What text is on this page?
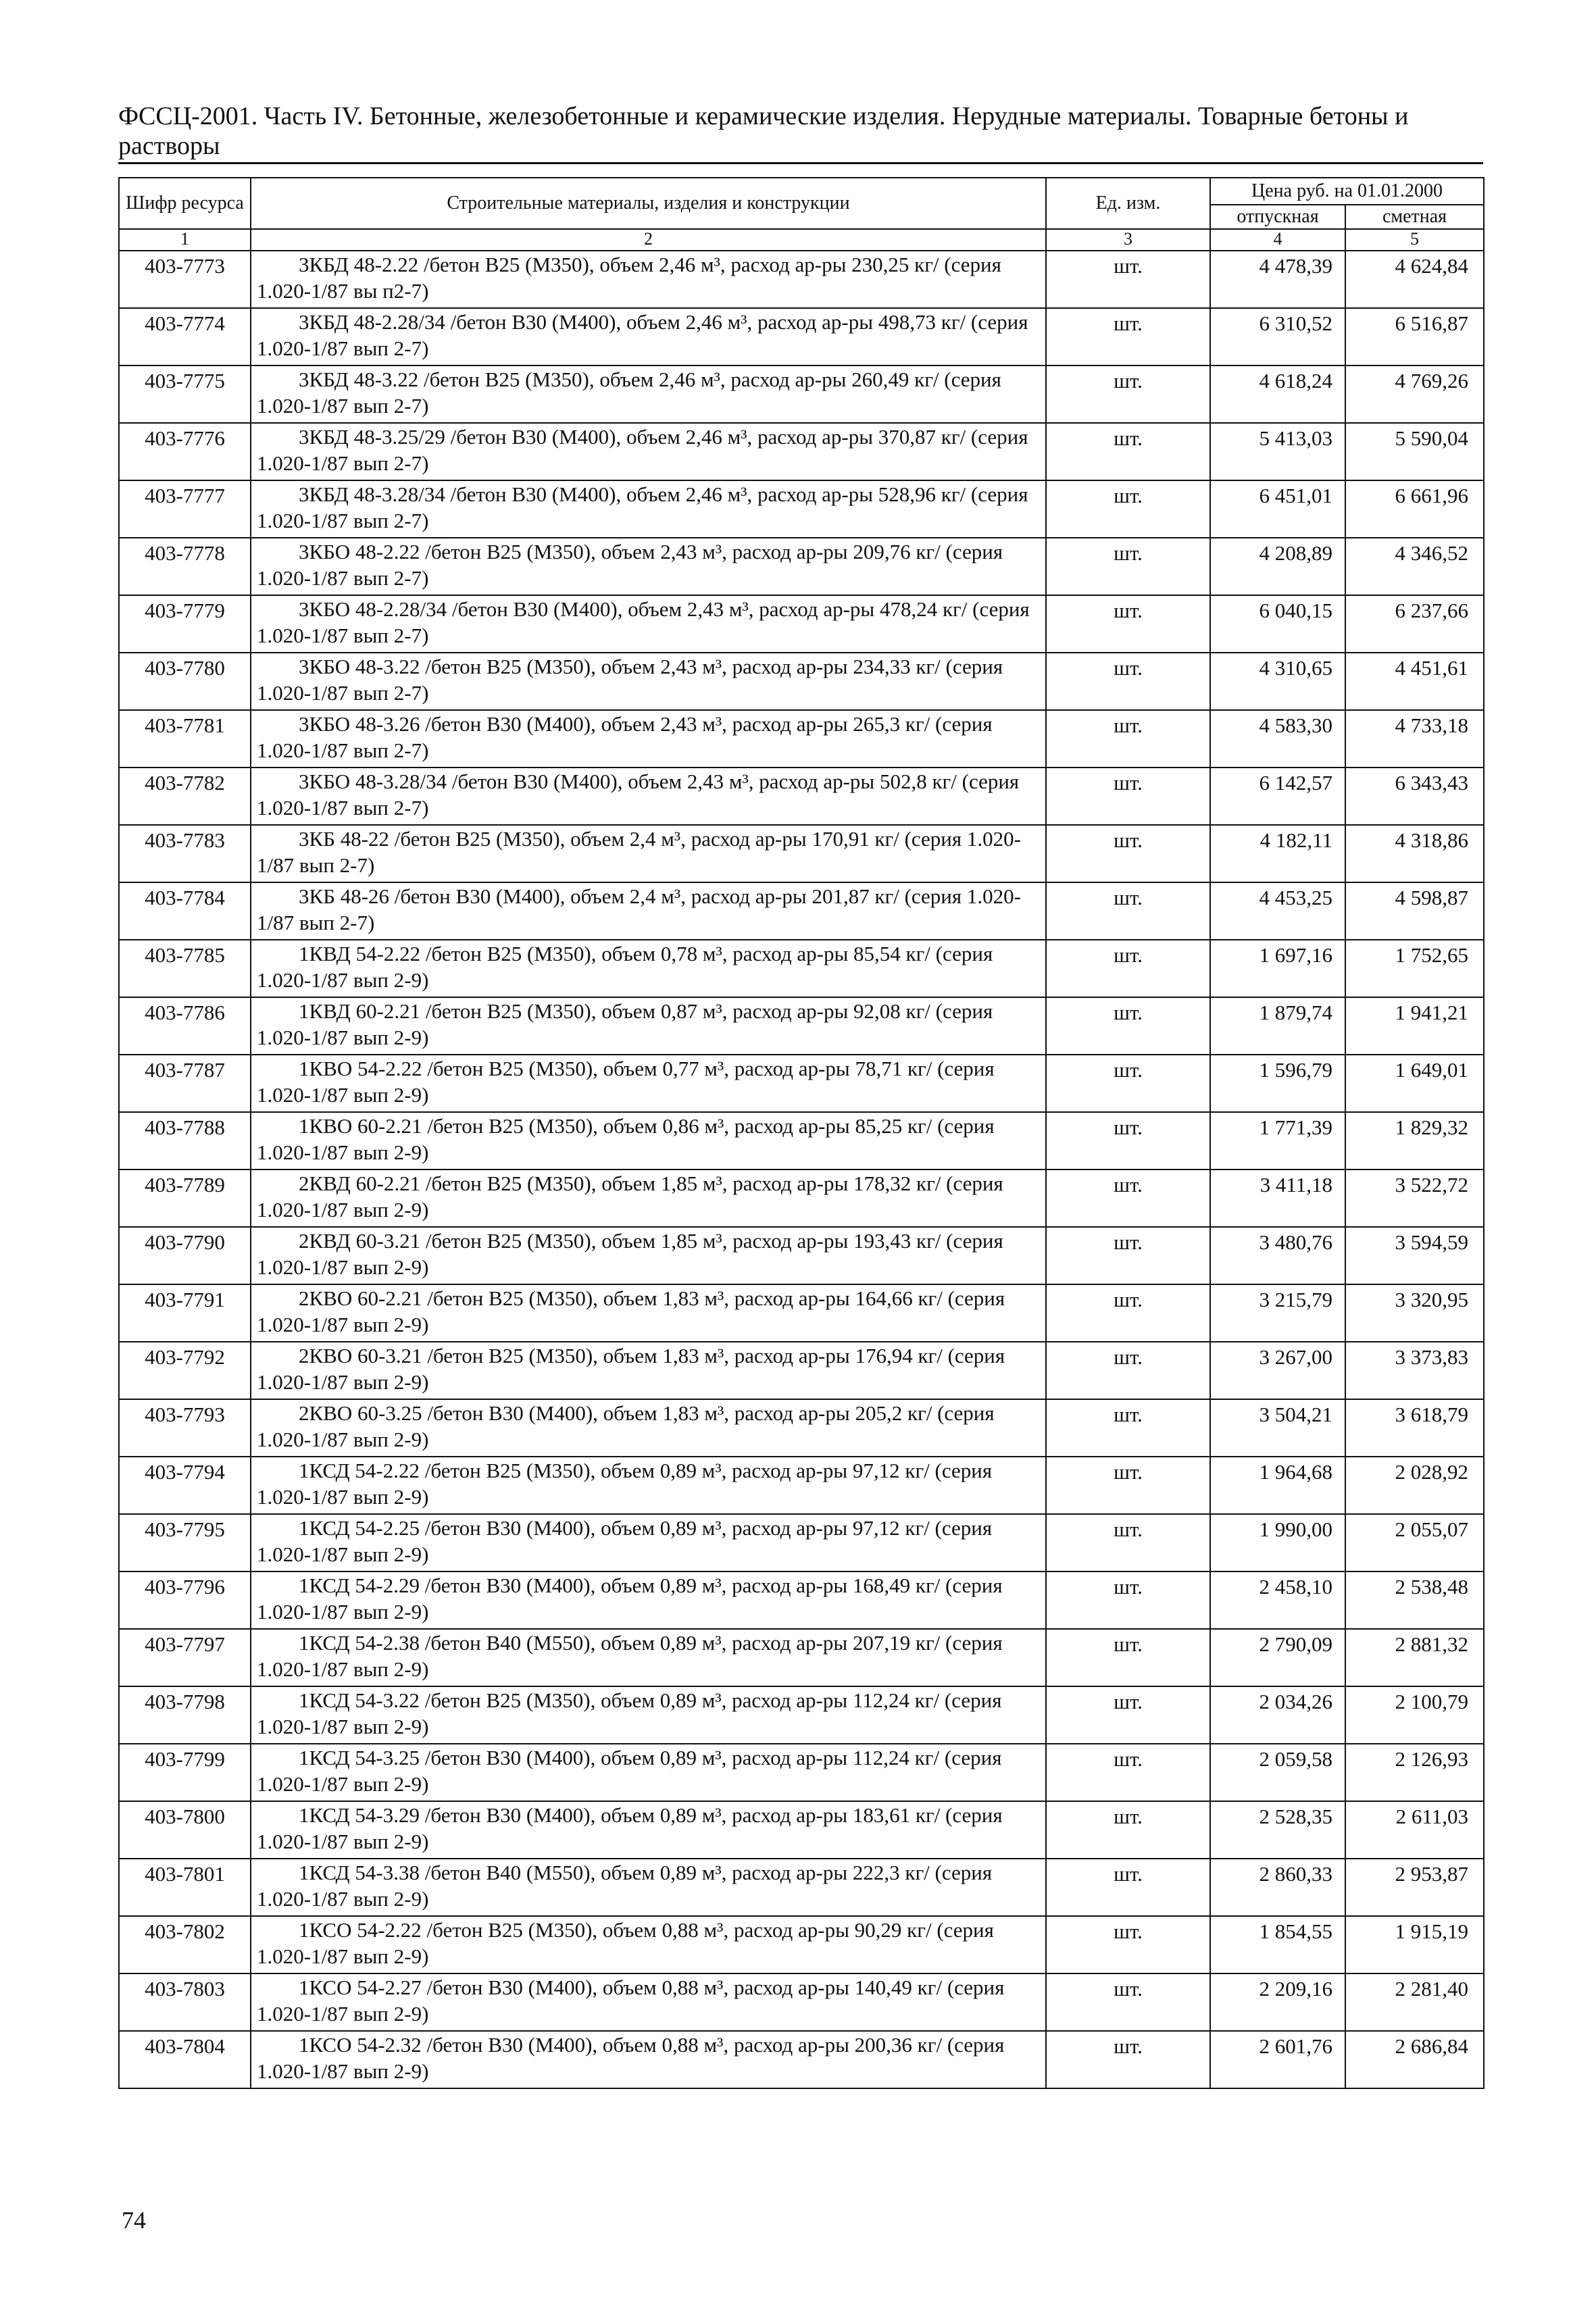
ФССЦ-2001. Часть IV. Бетонные, железобетонные и керамические изделия. Нерудные материалы. Товарные бетоны и растворы
Шифр ресурса	Строительные материалы, изделия и конструкции	Ед. изм.	Цена руб. на 01.01.2000	
			отпускная	сметная
1	2	3	4	5
403-7773	3КБД 48-2.22 /бетон В25 (М350), объем 2,46 м³, расход ар-ры 230,25 кг/ (серия 1.020-1/87 вы п2-7)	шт.	4 478,39	4 624,84
403-7774	3КБД 48-2.28/34 /бетон В30 (М400), объем 2,46 м³, расход ар-ры 498,73 кг/ (серия 1.020-1/87 вып 2-7)	шт.	6 310,52	6 516,87
403-7775	3КБД 48-3.22 /бетон В25 (М350), объем 2,46 м³, расход ар-ры 260,49 кг/ (серия 1.020-1/87 вып 2-7)	шт.	4 618,24	4 769,26
403-7776	3КБД 48-3.25/29 /бетон В30 (М400), объем 2,46 м³, расход ар-ры 370,87 кг/ (серия 1.020-1/87 вып 2-7)	шт.	5 413,03	5 590,04
403-7777	3КБД 48-3.28/34 /бетон В30 (М400), объем 2,46 м³, расход ар-ры 528,96 кг/ (серия 1.020-1/87 вып 2-7)	шт.	6 451,01	6 661,96
403-7778	3КБО 48-2.22 /бетон В25 (М350), объем 2,43 м³, расход ар-ры 209,76 кг/ (серия 1.020-1/87 вып 2-7)	шт.	4 208,89	4 346,52
403-7779	3КБО 48-2.28/34 /бетон В30 (М400), объем 2,43 м³, расход ар-ры 478,24 кг/ (серия 1.020-1/87 вып 2-7)	шт.	6 040,15	6 237,66
403-7780	3КБО 48-3.22 /бетон В25 (М350), объем 2,43 м³, расход ар-ры 234,33 кг/ (серия 1.020-1/87 вып 2-7)	шт.	4 310,65	4 451,61
403-7781	3КБО 48-3.26 /бетон В30 (М400), объем 2,43 м³, расход ар-ры 265,3 кг/ (серия 1.020-1/87 вып 2-7)	шт.	4 583,30	4 733,18
403-7782	3КБО 48-3.28/34 /бетон В30 (М400), объем 2,43 м³, расход ар-ры 502,8 кг/ (серия 1.020-1/87 вып 2-7)	шт.	6 142,57	6 343,43
403-7783	3КБ 48-22 /бетон В25 (М350), объем 2,4 м³, расход ар-ры 170,91 кг/ (серия 1.020-1/87 вып 2-7)	шт.	4 182,11	4 318,86
403-7784	3КБ 48-26 /бетон В30 (М400), объем 2,4 м³, расход ар-ры 201,87 кг/ (серия 1.020-1/87 вып 2-7)	шт.	4 453,25	4 598,87
403-7785	1КВД 54-2.22 /бетон В25 (М350), объем 0,78 м³, расход ар-ры 85,54 кг/ (серия 1.020-1/87 вып 2-9)	шт.	1 697,16	1 752,65
403-7786	1КВД 60-2.21 /бетон В25 (М350), объем 0,87 м³, расход ар-ры 92,08 кг/ (серия 1.020-1/87 вып 2-9)	шт.	1 879,74	1 941,21
403-7787	1КВО 54-2.22 /бетон В25 (М350), объем 0,77 м³, расход ар-ры 78,71 кг/ (серия 1.020-1/87 вып 2-9)	шт.	1 596,79	1 649,01
403-7788	1КВО 60-2.21 /бетон В25 (М350), объем 0,86 м³, расход ар-ры 85,25 кг/ (серия 1.020-1/87 вып 2-9)	шт.	1 771,39	1 829,32
403-7789	2КВД 60-2.21 /бетон В25 (М350), объем 1,85 м³, расход ар-ры 178,32 кг/ (серия 1.020-1/87 вып 2-9)	шт.	3 411,18	3 522,72
403-7790	2КВД 60-3.21 /бетон В25 (М350), объем 1,85 м³, расход ар-ры 193,43 кг/ (серия 1.020-1/87 вып 2-9)	шт.	3 480,76	3 594,59
403-7791	2КВО 60-2.21 /бетон В25 (М350), объем 1,83 м³, расход ар-ры 164,66 кг/ (серия 1.020-1/87 вып 2-9)	шт.	3 215,79	3 320,95
403-7792	2КВО 60-3.21 /бетон В25 (М350), объем 1,83 м³, расход ар-ры 176,94 кг/ (серия 1.020-1/87 вып 2-9)	шт.	3 267,00	3 373,83
403-7793	2КВО 60-3.25 /бетон В30 (М400), объем 1,83 м³, расход ар-ры 205,2 кг/ (серия 1.020-1/87 вып 2-9)	шт.	3 504,21	3 618,79
403-7794	1КСД 54-2.22 /бетон В25 (М350), объем 0,89 м³, расход ар-ры 97,12 кг/ (серия 1.020-1/87 вып 2-9)	шт.	1 964,68	2 028,92
403-7795	1КСД 54-2.25 /бетон В30 (М400), объем 0,89 м³, расход ар-ры 97,12 кг/ (серия 1.020-1/87 вып 2-9)	шт.	1 990,00	2 055,07
403-7796	1КСД 54-2.29 /бетон В30 (М400), объем 0,89 м³, расход ар-ры 168,49 кг/ (серия 1.020-1/87 вып 2-9)	шт.	2 458,10	2 538,48
403-7797	1КСД 54-2.38 /бетон В40 (М550), объем 0,89 м³, расход ар-ры 207,19 кг/ (серия 1.020-1/87 вып 2-9)	шт.	2 790,09	2 881,32
403-7798	1КСД 54-3.22 /бетон В25 (М350), объем 0,89 м³, расход ар-ры 112,24 кг/ (серия 1.020-1/87 вып 2-9)	шт.	2 034,26	2 100,79
403-7799	1КСД 54-3.25 /бетон В30 (М400), объем 0,89 м³, расход ар-ры 112,24 кг/ (серия 1.020-1/87 вып 2-9)	шт.	2 059,58	2 126,93
403-7800	1КСД 54-3.29 /бетон В30 (М400), объем 0,89 м³, расход ар-ры 183,61 кг/ (серия 1.020-1/87 вып 2-9)	шт.	2 528,35	2 611,03
403-7801	1КСД 54-3.38 /бетон В40 (М550), объем 0,89 м³, расход ар-ры 222,3 кг/ (серия 1.020-1/87 вып 2-9)	шт.	2 860,33	2 953,87
403-7802	1КСО 54-2.22 /бетон В25 (М350), объем 0,88 м³, расход ар-ры 90,29 кг/ (серия 1.020-1/87 вып 2-9)	шт.	1 854,55	1 915,19
403-7803	1КСО 54-2.27 /бетон В30 (М400), объем 0,88 м³, расход ар-ры 140,49 кг/ (серия 1.020-1/87 вып 2-9)	шт.	2 209,16	2 281,40
403-7804	1КСО 54-2.32 /бетон В30 (М400), объем 0,88 м³, расход ар-ры 200,36 кг/ (серия 1.020-1/87 вып 2-9)	шт.	2 601,76	2 686,84
74
